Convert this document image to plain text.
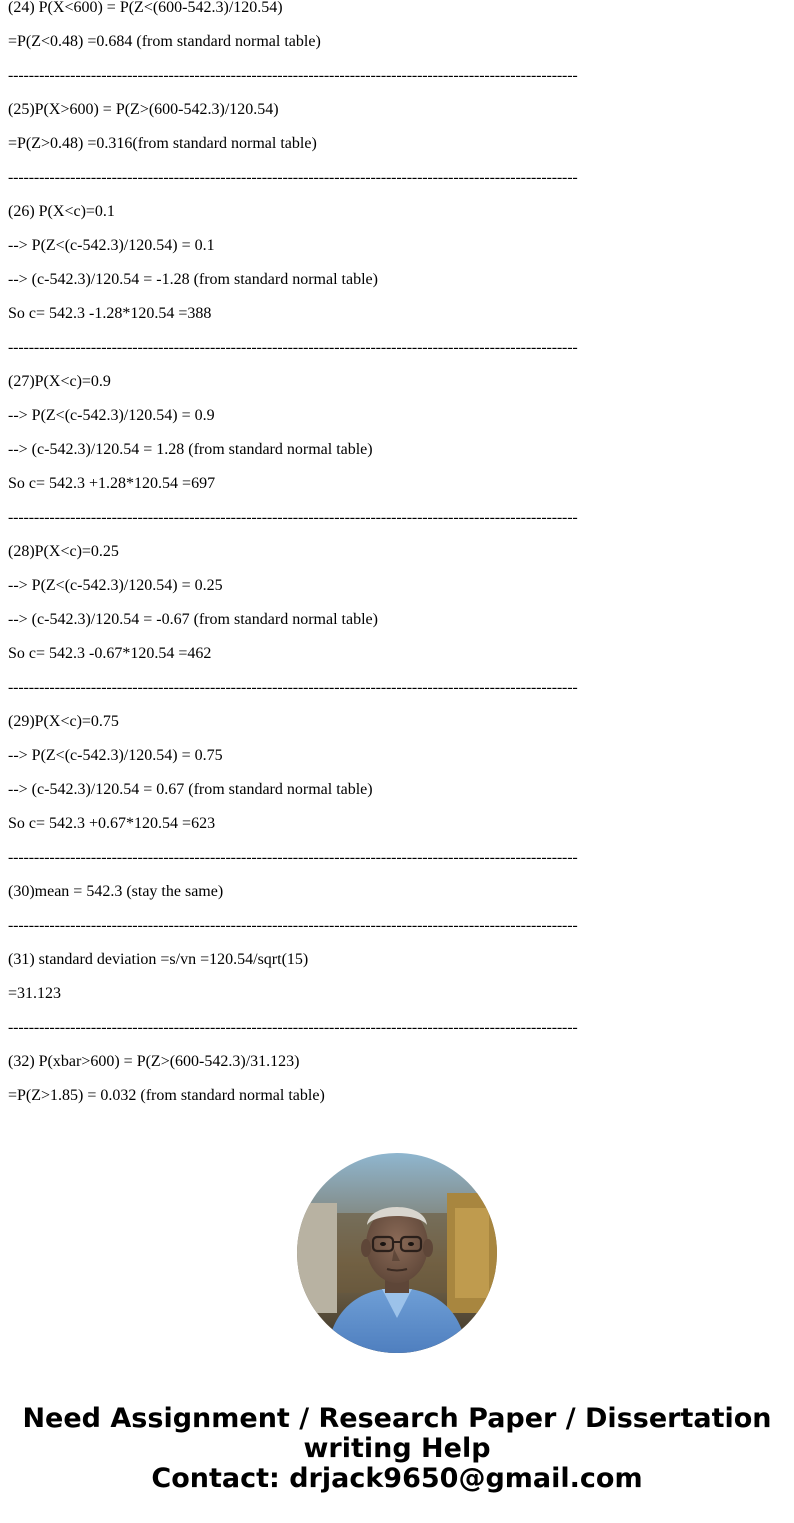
(24) P(X<600) = P(Z<(600-542.3)/120.54)
=P(Z<0.48) =0.684 (from standard normal table)
--------------------------------------------------------------------------------------------------------------
(25)P(X>600) = P(Z>(600-542.3)/120.54)
=P(Z>0.48) =0.316(from standard normal table)
--------------------------------------------------------------------------------------------------------------
(26) P(X<c)=0.1
--> P(Z<(c-542.3)/120.54) = 0.1
--> (c-542.3)/120.54 = -1.28 (from standard normal table)
So c= 542.3 -1.28*120.54 =388
--------------------------------------------------------------------------------------------------------------
(27)P(X<c)=0.9
--> P(Z<(c-542.3)/120.54) = 0.9
--> (c-542.3)/120.54 = 1.28 (from standard normal table)
So c= 542.3 +1.28*120.54 =697
--------------------------------------------------------------------------------------------------------------
(28)P(X<c)=0.25
--> P(Z<(c-542.3)/120.54) = 0.25
--> (c-542.3)/120.54 = -0.67 (from standard normal table)
So c= 542.3 -0.67*120.54 =462
--------------------------------------------------------------------------------------------------------------
(29)P(X<c)=0.75
--> P(Z<(c-542.3)/120.54) = 0.75
--> (c-542.3)/120.54 = 0.67 (from standard normal table)
So c= 542.3 +0.67*120.54 =623
--------------------------------------------------------------------------------------------------------------
(30)mean = 542.3 (stay the same)
--------------------------------------------------------------------------------------------------------------
(31) standard deviation =s/vn =120.54/sqrt(15)
=31.123
--------------------------------------------------------------------------------------------------------------
(32) P(xbar>600) = P(Z>(600-542.3)/31.123)
=P(Z>1.85) = 0.032 (from standard normal table)
Need Assignment / Research Paper / Dissertation
writing Help
Contact: drjack9650@gmail.com
